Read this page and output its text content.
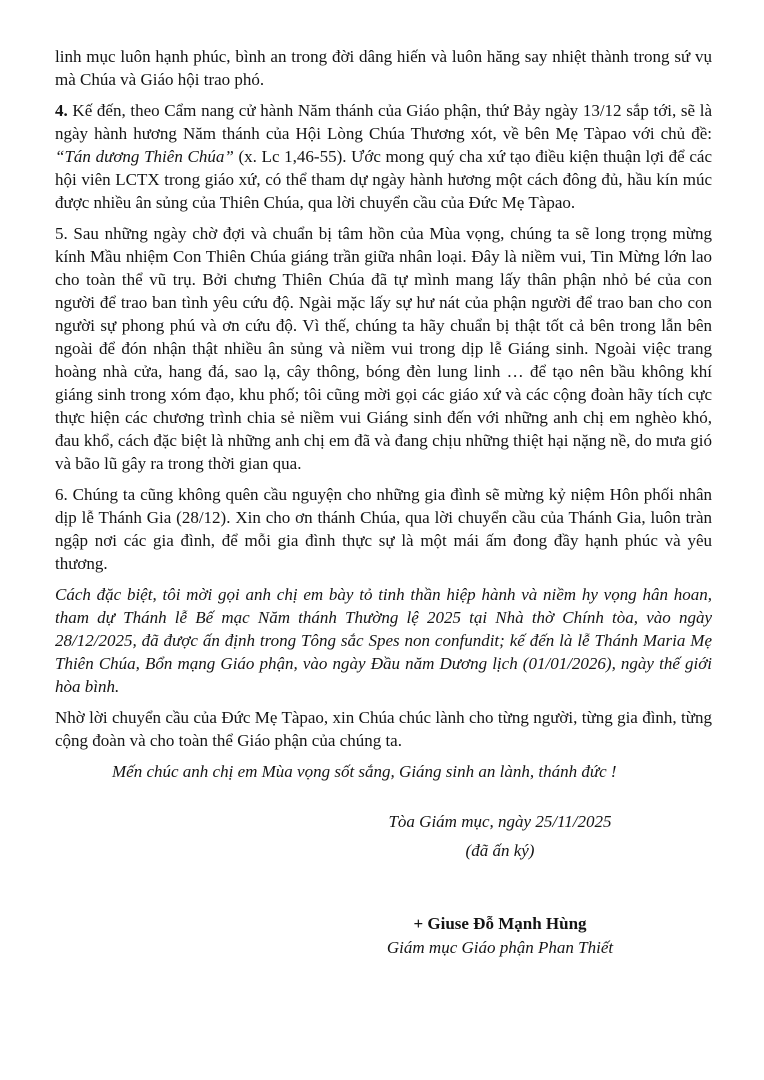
linh mục luôn hạnh phúc, bình an trong đời dâng hiến và luôn hăng say nhiệt thành trong sứ vụ mà Chúa và Giáo hội trao phó.

4. Kế đến, theo Cẩm nang cử hành Năm thánh của Giáo phận, thứ Bảy ngày 13/12 sắp tới, sẽ là ngày hành hương Năm thánh của Hội Lòng Chúa Thương xót, về bên Mẹ Tàpao với chủ đề: “Tán dương Thiên Chúa” (x. Lc 1,46-55). Ước mong quý cha xứ tạo điều kiện thuận lợi để các hội viên LCTX trong giáo xứ, có thể tham dự ngày hành hương một cách đông đủ, hầu kín múc được nhiều ân sủng của Thiên Chúa, qua lời chuyển cầu của Đức Mẹ Tàpao.

5. Sau những ngày chờ đợi và chuẩn bị tâm hồn của Mùa vọng, chúng ta sẽ long trọng mừng kính Mầu nhiệm Con Thiên Chúa giáng trần giữa nhân loại. Đây là niềm vui, Tin Mừng lớn lao cho toàn thể vũ trụ. Bởi chưng Thiên Chúa đã tự mình mang lấy thân phận nhỏ bé của con người để trao ban tình yêu cứu độ. Ngài mặc lấy sự hư nát của phận người để trao ban cho con người sự phong phú và ơn cứu độ. Vì thế, chúng ta hãy chuẩn bị thật tốt cả bên trong lẫn bên ngoài để đón nhận thật nhiều ân sủng và niềm vui trong dịp lễ Giáng sinh. Ngoài việc trang hoàng nhà cửa, hang đá, sao lạ, cây thông, bóng đèn lung linh … để tạo nên bầu không khí giáng sinh trong xóm đạo, khu phố; tôi cũng mời gọi các giáo xứ và các cộng đoàn hãy tích cực thực hiện các chương trình chia sẻ niềm vui Giáng sinh đến với những anh chị em nghèo khó, đau khổ, cách đặc biệt là những anh chị em đã và đang chịu những thiệt hại nặng nề, do mưa gió và bão lũ gây ra trong thời gian qua.

6. Chúng ta cũng không quên cầu nguyện cho những gia đình sẽ mừng kỷ niệm Hôn phối nhân dịp lễ Thánh Gia (28/12). Xin cho ơn thánh Chúa, qua lời chuyển cầu của Thánh Gia, luôn tràn ngập nơi các gia đình, để mỗi gia đình thực sự là một mái ấm đong đầy hạnh phúc và yêu thương.

Cách đặc biệt, tôi mời gọi anh chị em bày tỏ tinh thần hiệp hành và niềm hy vọng hân hoan, tham dự Thánh lễ Bế mạc Năm thánh Thường lệ 2025 tại Nhà thờ Chính tòa, vào ngày 28/12/2025, đã được ấn định trong Tông sắc Spes non confundit; kế đến là lễ Thánh Maria Mẹ Thiên Chúa, Bổn mạng Giáo phận, vào ngày Đầu năm Dương lịch (01/01/2026), ngày thế giới hòa bình.

Nhờ lời chuyển cầu của Đức Mẹ Tàpao, xin Chúa chúc lành cho từng người, từng gia đình, từng cộng đoàn và cho toàn thể Giáo phận của chúng ta.

Mến chúc anh chị em Mùa vọng sốt sắng, Giáng sinh an lành, thánh đức !

Tòa Giám mục, ngày 25/11/2025

(đã ấn ký)

+ Giuse Đỗ Mạnh Hùng

Giám mục Giáo phận Phan Thiết
